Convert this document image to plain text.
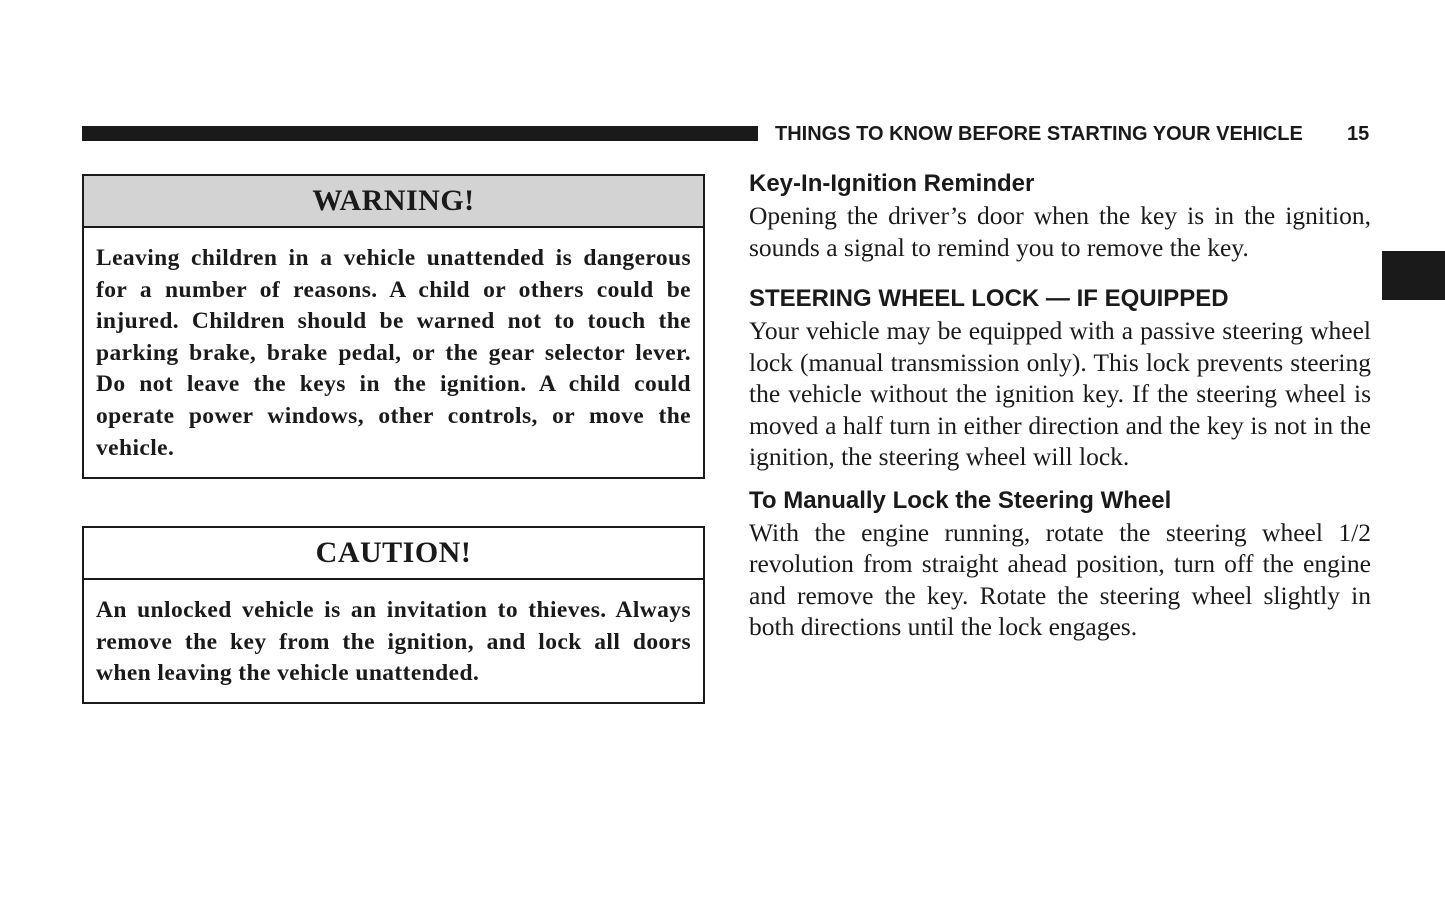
THINGS TO KNOW BEFORE STARTING YOUR VEHICLE 15
WARNING!
Leaving children in a vehicle unattended is dangerous for a number of reasons. A child or others could be injured. Children should be warned not to touch the parking brake, brake pedal, or the gear selector lever. Do not leave the keys in the ignition. A child could operate power windows, other controls, or move the vehicle.
CAUTION!
An unlocked vehicle is an invitation to thieves. Always remove the key from the ignition, and lock all doors when leaving the vehicle unattended.
Key-In-Ignition Reminder

Opening the driver’s door when the key is in the ignition, sounds a signal to remind you to remove the key.

STEERING WHEEL LOCK — IF EQUIPPED

Your vehicle may be equipped with a passive steering wheel lock (manual transmission only). This lock prevents steering the vehicle without the ignition key. If the steering wheel is moved a half turn in either direction and the key is not in the ignition, the steering wheel will lock.

To Manually Lock the Steering Wheel

With the engine running, rotate the steering wheel 1/2 revolution from straight ahead position, turn off the engine and remove the key. Rotate the steering wheel slightly in both directions until the lock engages.
